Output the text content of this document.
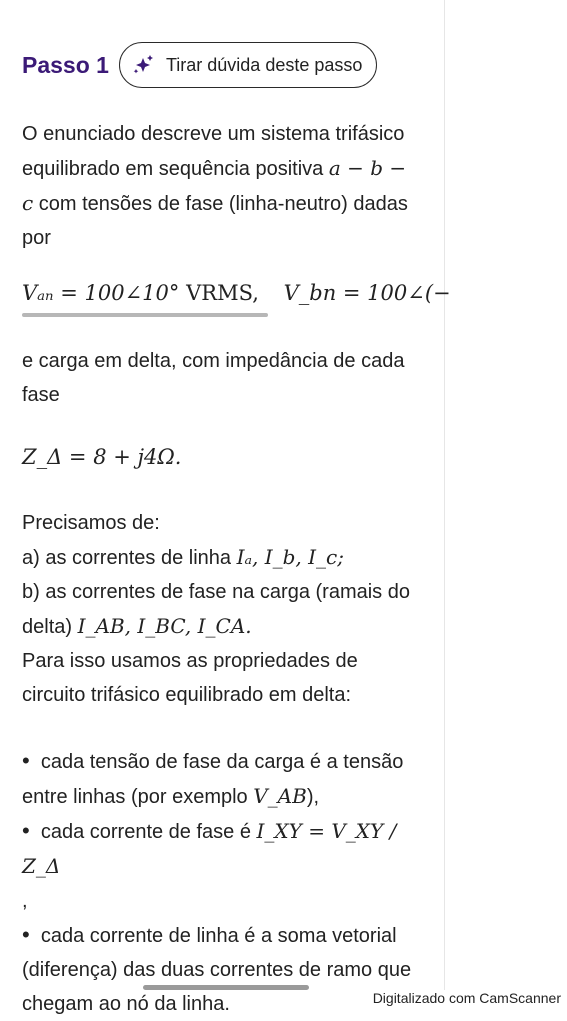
Passo 1	Tirar dúvida deste passo

O enunciado descreve um sistema trifásico equilibrado em sequência positiva a − b − c com tensões de fase (linha-neutro) dadas por

Vₐₙ = 100∠10° VRMS, V_bn = 100∠(−

e carga em delta, com impedância de cada fase

Z_Δ = 8 + j4Ω.

Precisamos de:

a) as correntes de linha Iₐ, I_b, I_c;

b) as correntes de fase na carga (ramais do delta) I_AB, I_BC, I_CA.

Para isso usamos as propriedades de circuito trifásico equilibrado em delta:

• cada tensão de fase da carga é a tensão entre linhas (por exemplo V_AB),

• cada corrente de fase é I_XY = V_XY / Z_Δ

,

• cada corrente de linha é a soma vetorial (diferença) das duas correntes de ramo que chegam ao nó da linha.	Digitalizado com CamScanner
